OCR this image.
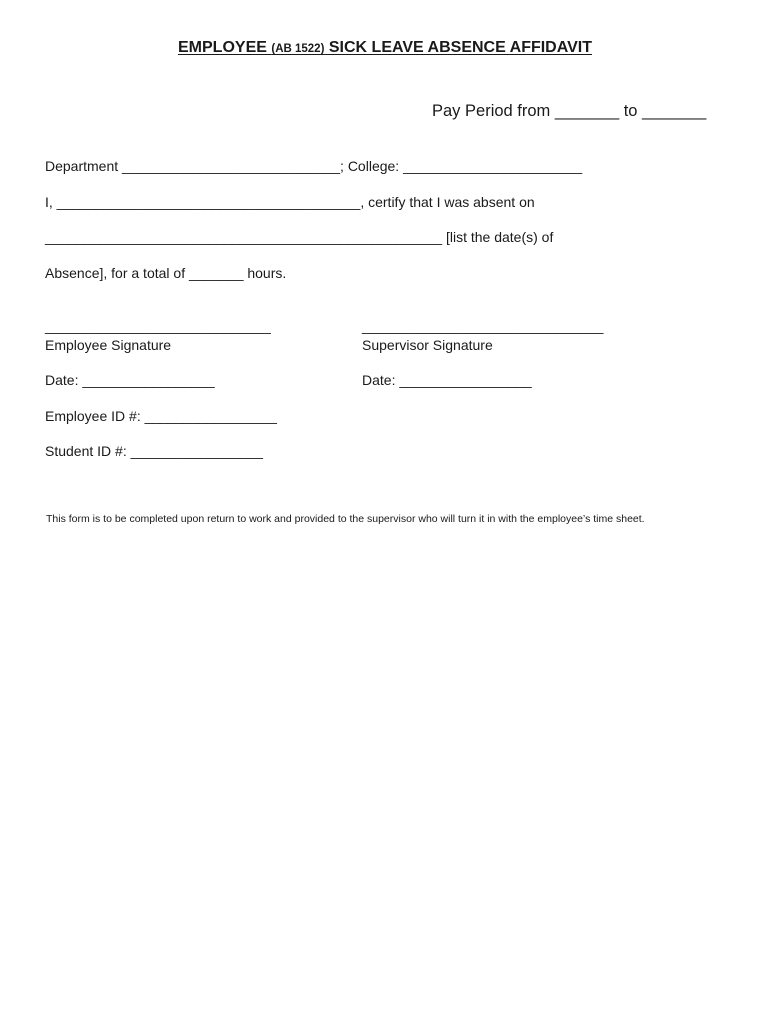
EMPLOYEE (AB 1522) SICK LEAVE ABSENCE AFFIDAVIT
Pay Period from _______ to _______
Department ____________________________; College: _______________________
I, _______________________________________, certify that I was absent on
___________________________________________________ [list the date(s) of
Absence], for a total of _______ hours.
_____________________________
Employee Signature
_______________________________
Supervisor Signature
Date: _________________	Date: _________________
Employee ID #: _________________
Student ID #: _________________
This form is to be completed upon return to work and provided to the supervisor who will turn it in with the employee’s time sheet.
